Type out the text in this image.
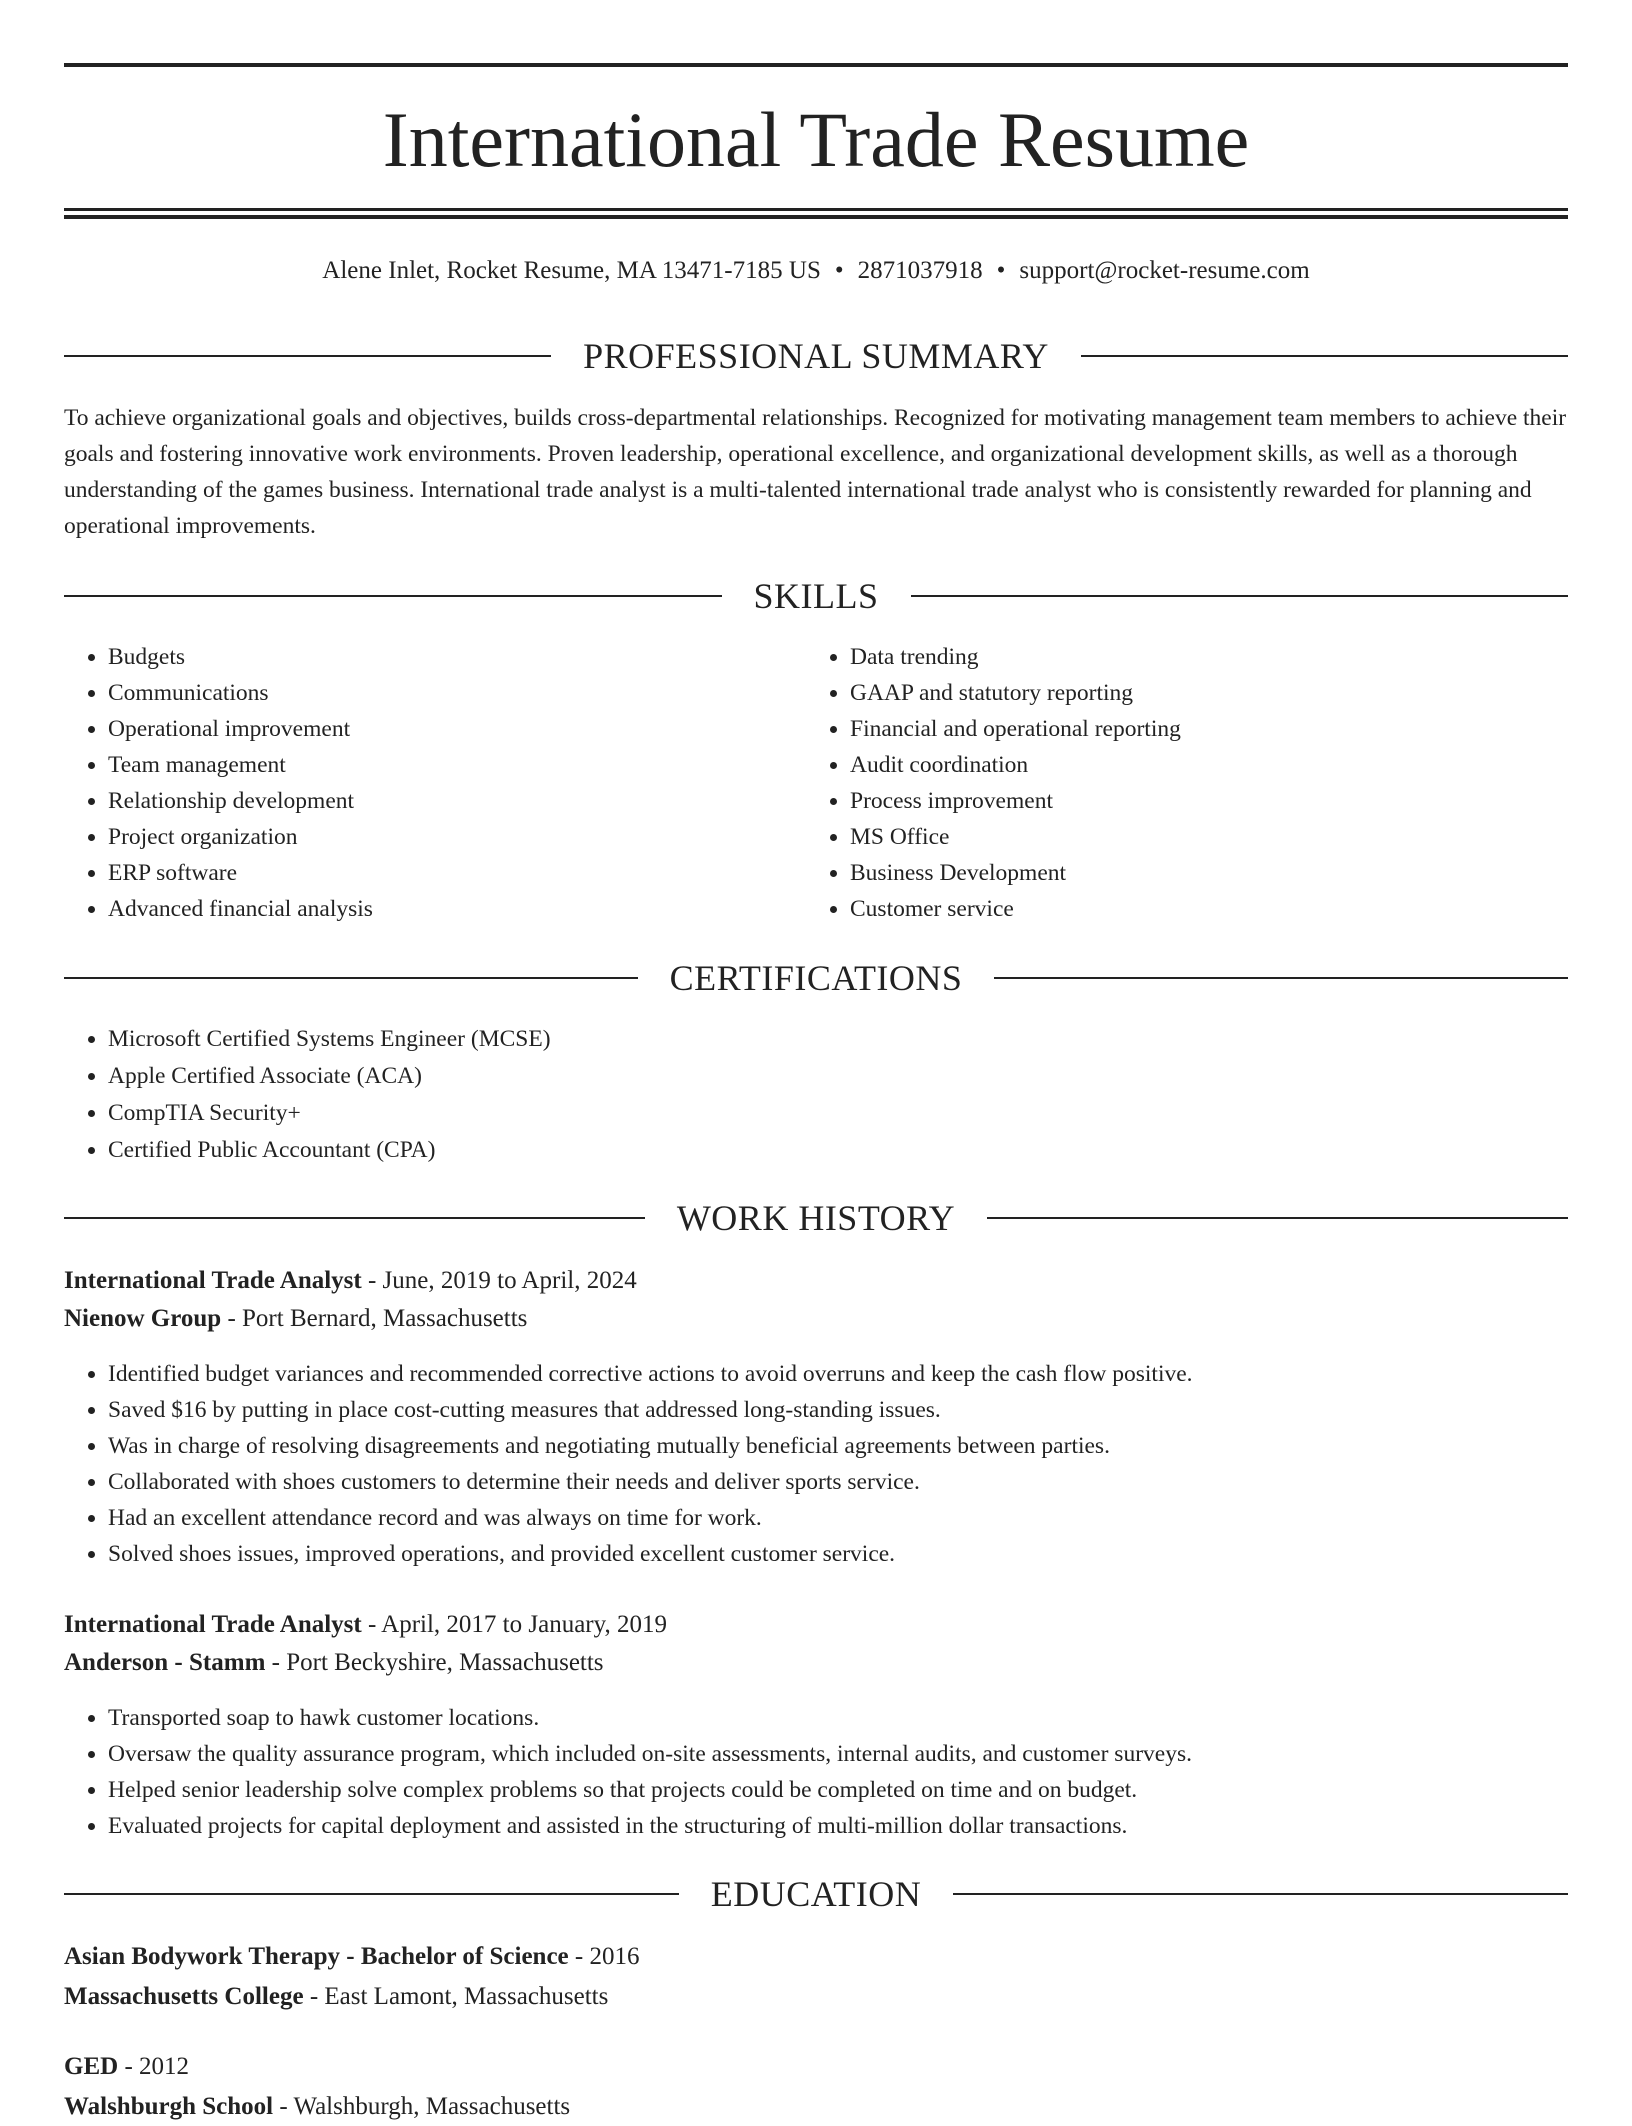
International Trade Resume
Alene Inlet, Rocket Resume, MA 13471-7185 US • 2871037918 • support@rocket-resume.com
PROFESSIONAL SUMMARY

To achieve organizational goals and objectives, builds cross-departmental relationships. Recognized for motivating management team members to achieve their goals and fostering innovative work environments. Proven leadership, operational excellence, and organizational development skills, as well as a thorough understanding of the games business. International trade analyst is a multi-talented international trade analyst who is consistently rewarded for planning and operational improvements.

SKILLS
• Budgets
• Communications
• Operational improvement
• Team management
• Relationship development
• Project organization
• ERP software
• Advanced financial analysis
• Data trending
• GAAP and statutory reporting
• Financial and operational reporting
• Audit coordination
• Process improvement
• MS Office
• Business Development
• Customer service
CERTIFICATIONS
• Microsoft Certified Systems Engineer (MCSE)
• Apple Certified Associate (ACA)
• CompTIA Security+
• Certified Public Accountant (CPA)
WORK HISTORY
International Trade Analyst - June, 2019 to April, 2024
Nienow Group - Port Bernard, Massachusetts
• Identified budget variances and recommended corrective actions to avoid overruns and keep the cash flow positive.
• Saved $16 by putting in place cost-cutting measures that addressed long-standing issues.
• Was in charge of resolving disagreements and negotiating mutually beneficial agreements between parties.
• Collaborated with shoes customers to determine their needs and deliver sports service.
• Had an excellent attendance record and was always on time for work.
• Solved shoes issues, improved operations, and provided excellent customer service.
International Trade Analyst - April, 2017 to January, 2019
Anderson - Stamm - Port Beckyshire, Massachusetts
• Transported soap to hawk customer locations.
• Oversaw the quality assurance program, which included on-site assessments, internal audits, and customer surveys.
• Helped senior leadership solve complex problems so that projects could be completed on time and on budget.
• Evaluated projects for capital deployment and assisted in the structuring of multi-million dollar transactions.
EDUCATION
Asian Bodywork Therapy - Bachelor of Science - 2016
Massachusetts College - East Lamont, Massachusetts
GED - 2012
Walshburgh School - Walshburgh, Massachusetts
